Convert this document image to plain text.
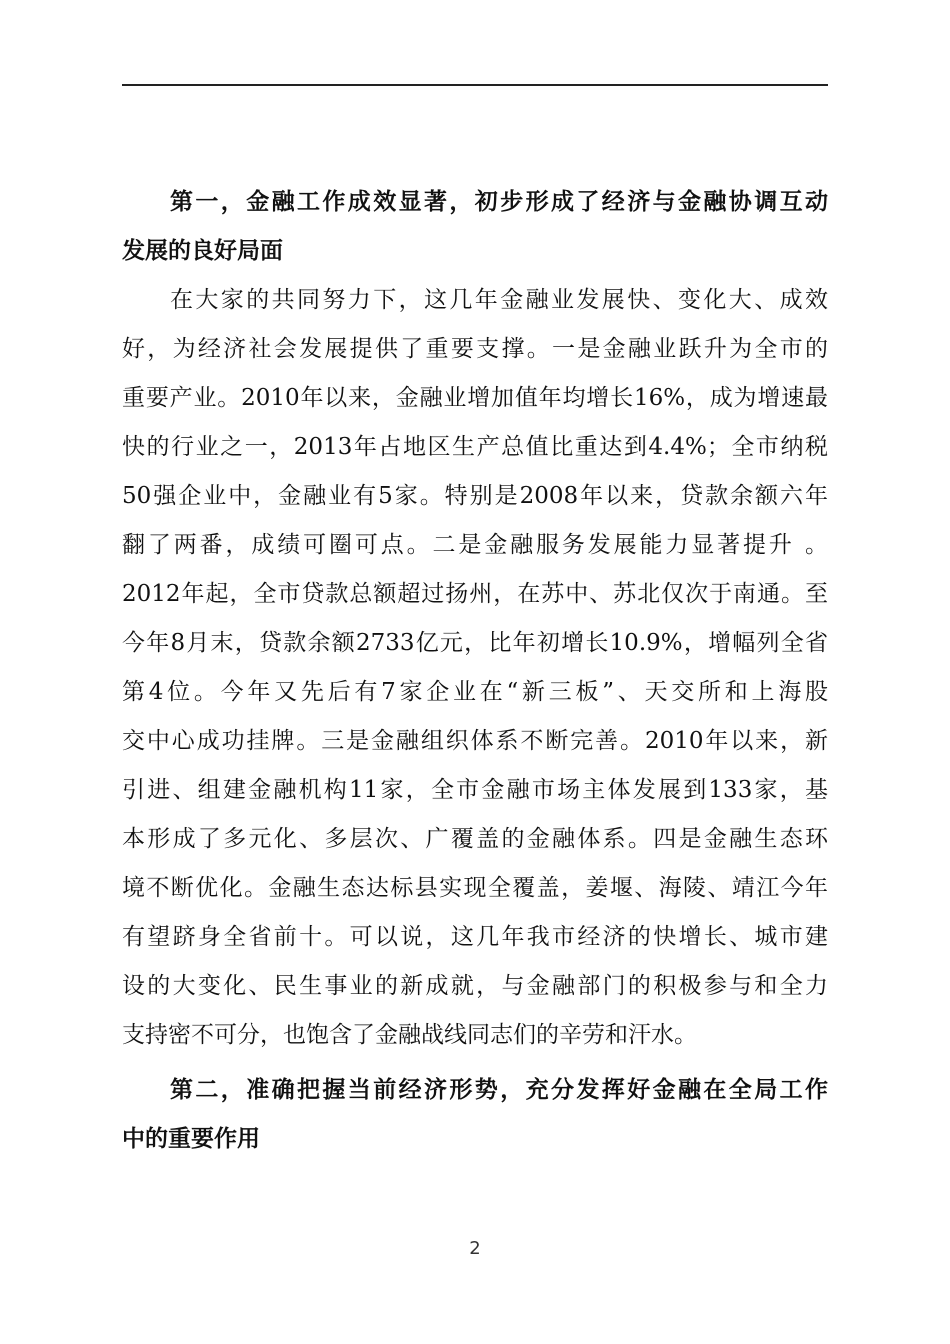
第一，金融工作成效显著，初步形成了经济与金融协调互动
发展的良好局面
在大家的共同努力下，这几年金融业发展快、变化大、成效
好，为经济社会发展提供了重要支撑。一是金融业跃升为全市的
重要产业。2010年以来，金融业增加值年均增长16%，成为增速最
快的行业之一，2013年占地区生产总值比重达到4.4%；全市纳税
50强企业中，金融业有5家。特别是2008年以来，贷款余额六年
翻了两番，成绩可圈可点。二是金融服务发展能力显著提升 。
2012年起，全市贷款总额超过扬州，在苏中、苏北仅次于南通。至
今年8月末，贷款余额2733亿元，比年初增长10.9%，增幅列全省
第4位。今年又先后有7家企业在“新三板”、天交所和上海股
交中心成功挂牌。三是金融组织体系不断完善。2010年以来，新
引进、组建金融机构11家，全市金融市场主体发展到133家，基
本形成了多元化、多层次、广覆盖的金融体系。四是金融生态环
境不断优化。金融生态达标县实现全覆盖，姜堰、海陵、靖江今年
有望跻身全省前十。可以说，这几年我市经济的快增长、城市建
设的大变化、民生事业的新成就，与金融部门的积极参与和全力
支持密不可分，也饱含了金融战线同志们的辛劳和汗水。
第二，准确把握当前经济形势，充分发挥好金融在全局工作
中的重要作用
2
